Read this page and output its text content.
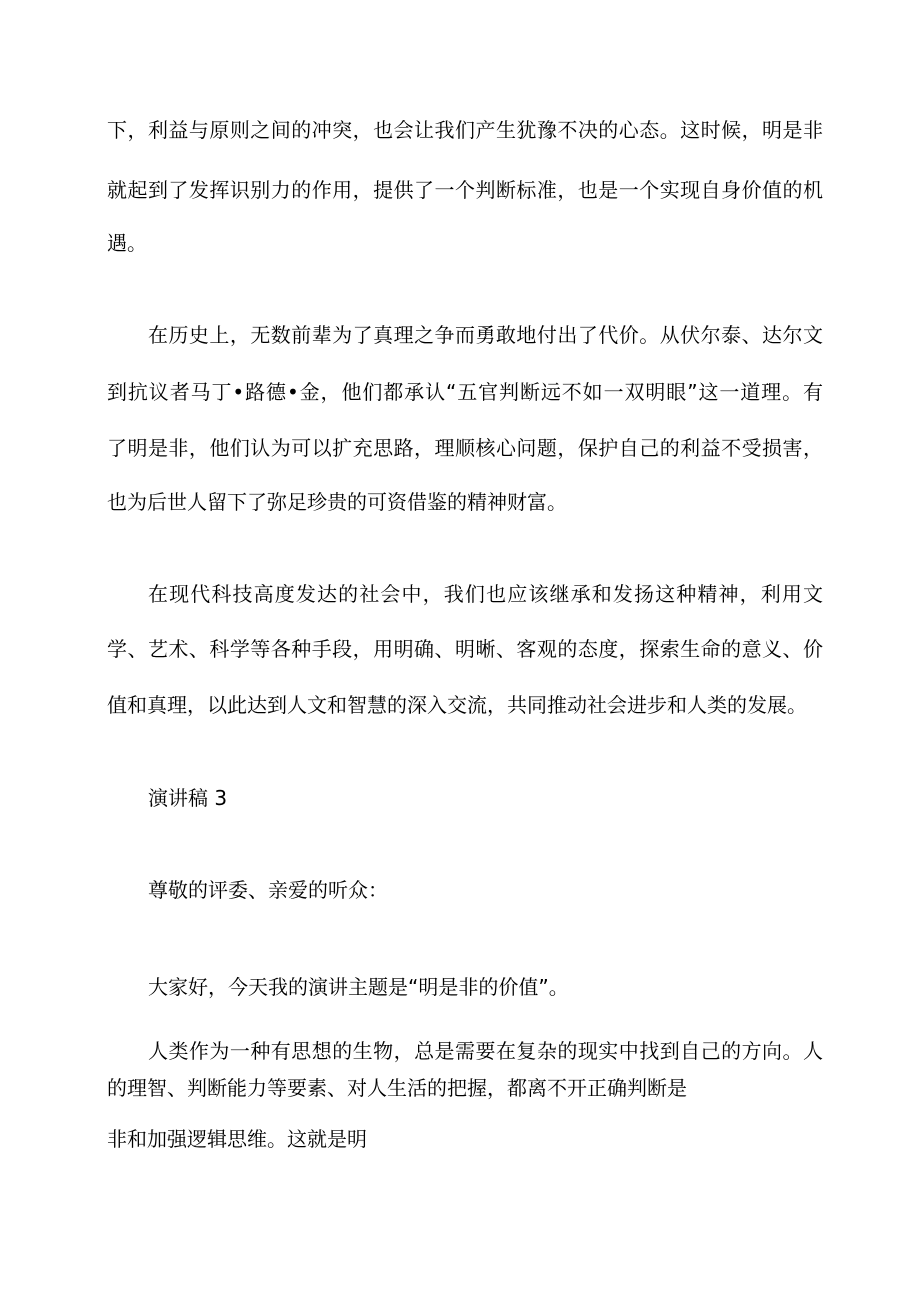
下，利益与原则之间的冲突，也会让我们产生犹豫不决的心态。这时候，明是非
就起到了发挥识别力的作用，提供了一个判断标准，也是一个实现自身价值的机
遇。
在历史上，无数前辈为了真理之争而勇敢地付出了代价。从伏尔泰、达尔文
到抗议者马丁•路德•金，他们都承认“五官判断远不如一双明眼”这一道理。有
了明是非，他们认为可以扩充思路，理顺核心问题，保护自己的利益不受损害，
也为后世人留下了弥足珍贵的可资借鉴的精神财富。
在现代科技高度发达的社会中，我们也应该继承和发扬这种精神，利用文
学、艺术、科学等各种手段，用明确、明晰、客观的态度，探索生命的意义、价
值和真理，以此达到人文和智慧的深入交流，共同推动社会进步和人类的发展。
演讲稿 3
尊敬的评委、亲爱的听众：
大家好，今天我的演讲主题是“明是非的价值”。
人类作为一种有思想的生物，总是需要在复杂的现实中找到自己的方向。人
的理智、判断能力等要素、对人生活的把握，都离不开正确判断是
非和加强逻辑思维。这就是明
